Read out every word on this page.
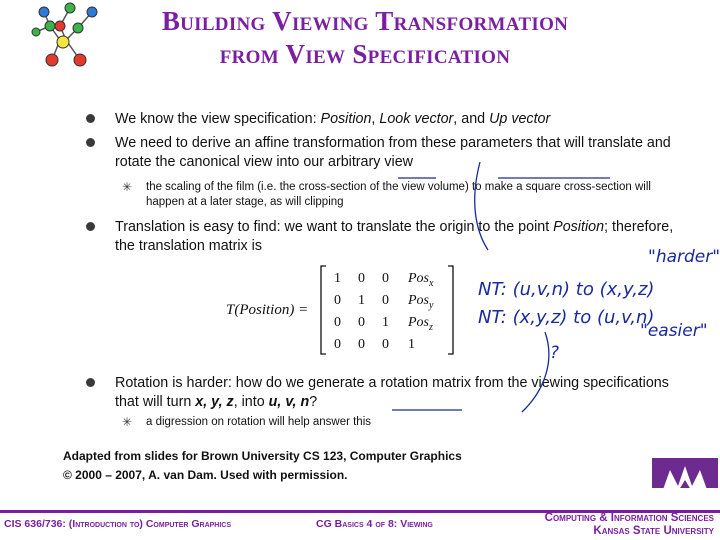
Building Viewing Transformation
from View Specification
We know the view specification: Position, Look vector, and Up vector
We need to derive an affine transformation from these parameters that will translate and rotate the canonical view into our arbitrary view
✳ the scaling of the film (i.e. the cross-section of the view volume) to make a square cross-section will happen at a later stage, as will clipping
Translation is easy to find: we want to translate the origin to the point Position; therefore, the translation matrix is
Rotation is harder: how do we generate a rotation matrix from the viewing specifications that will turn x, y, z, into u, v, n?
✳ a digression on rotation will help answer this
T(Position) =
1 0 0 Pos$_x$
0 1 0 Pos$_y$
0 0 1 Pos$_z$
0 0 0 1
"harder"
NT: (u,v,n) to (x,y,z)
NT: (x,y,z) to (u,v,n)
"easier"
?
Adapted from slides for Brown University CS 123, Computer Graphics
© 2000 – 2007, A. van Dam. Used with permission.
CIS 636/736: (Introduction to) Computer Graphics	CG Basics 4 of 8: Viewing	Computing & Information Sciences
Kansas State University
